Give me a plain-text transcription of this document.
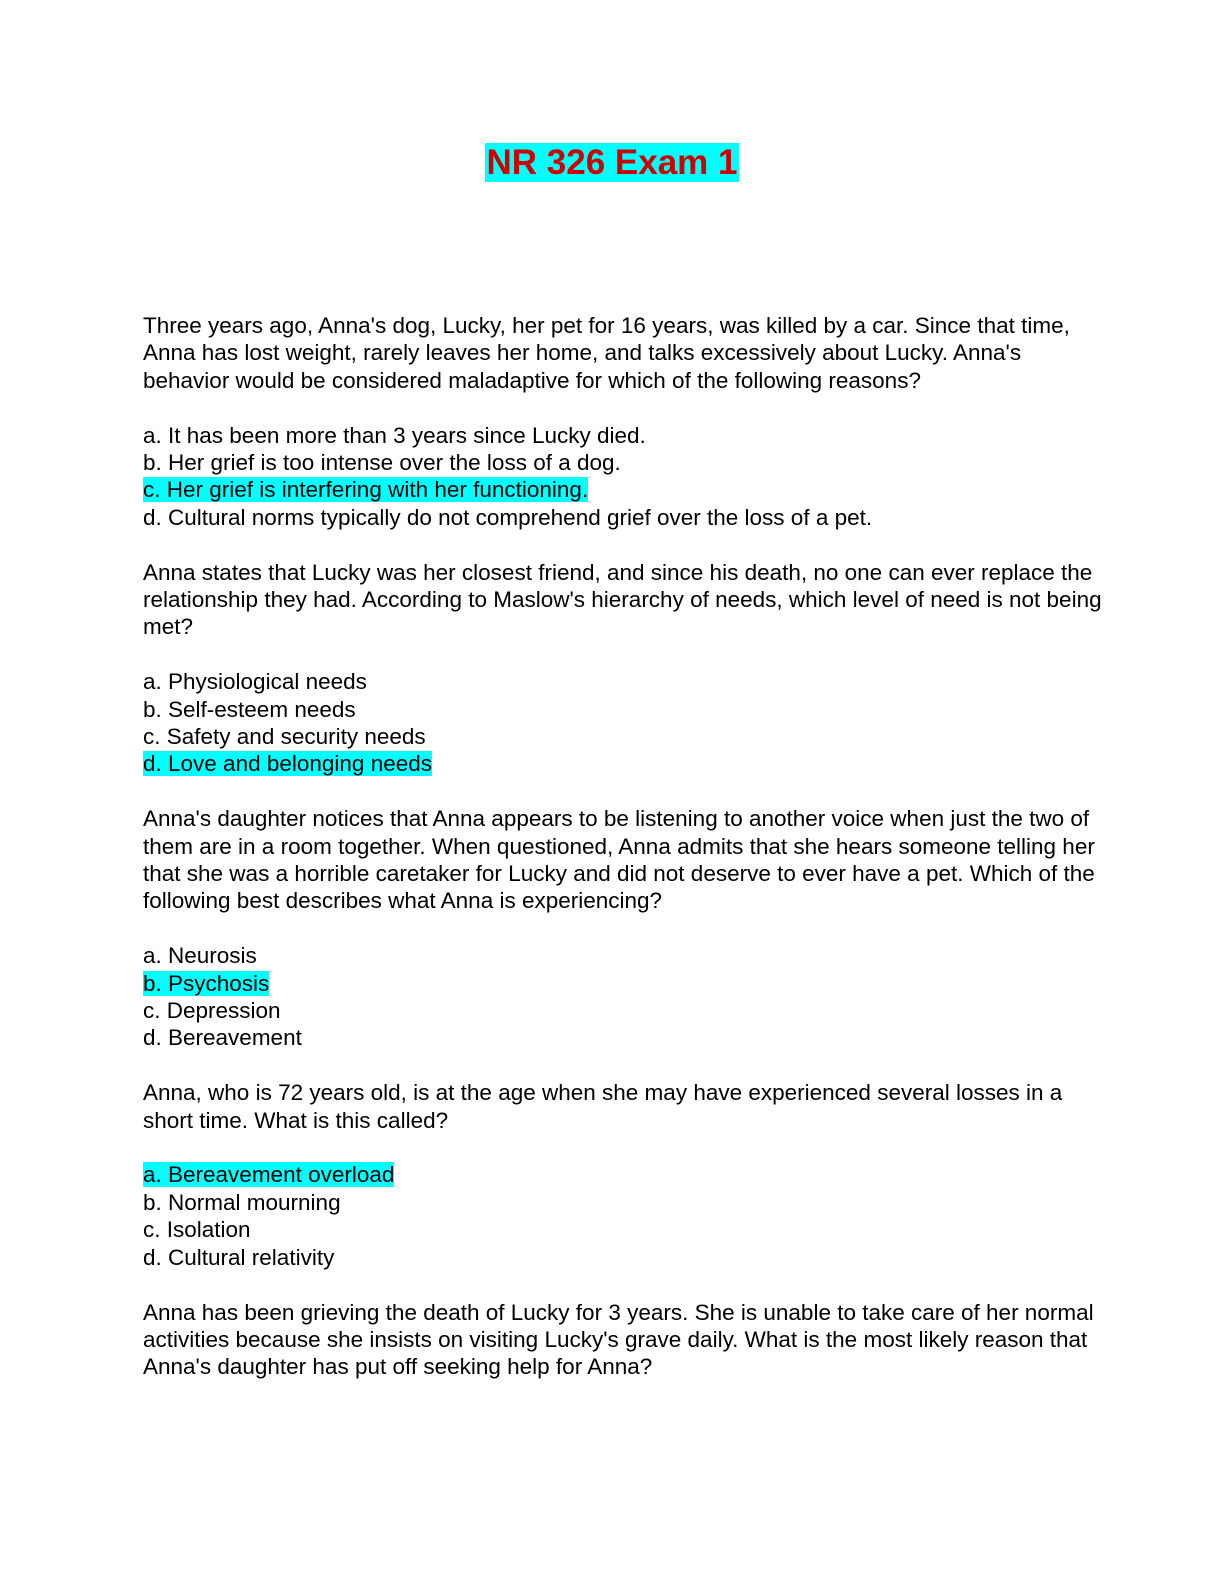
NR 326 Exam 1

Three years ago, Anna's dog, Lucky, her pet for 16 years, was killed by a car. Since that time, Anna has lost weight, rarely leaves her home, and talks excessively about Lucky. Anna's behavior would be considered maladaptive for which of the following reasons?

a. It has been more than 3 years since Lucky died.

b. Her grief is too intense over the loss of a dog.

c. Her grief is interfering with her functioning.

d. Cultural norms typically do not comprehend grief over the loss of a pet.

Anna states that Lucky was her closest friend, and since his death, no one can ever replace the relationship they had. According to Maslow's hierarchy of needs, which level of need is not being met?

a. Physiological needs

b. Self-esteem needs

c. Safety and security needs

d. Love and belonging needs

Anna's daughter notices that Anna appears to be listening to another voice when just the two of them are in a room together. When questioned, Anna admits that she hears someone telling her that she was a horrible caretaker for Lucky and did not deserve to ever have a pet. Which of the following best describes what Anna is experiencing?

a. Neurosis

b. Psychosis

c. Depression

d. Bereavement

Anna, who is 72 years old, is at the age when she may have experienced several losses in a short time. What is this called?

a. Bereavement overload

b. Normal mourning

c. Isolation

d. Cultural relativity

Anna has been grieving the death of Lucky for 3 years. She is unable to take care of her normal activities because she insists on visiting Lucky's grave daily. What is the most likely reason that Anna's daughter has put off seeking help for Anna?
